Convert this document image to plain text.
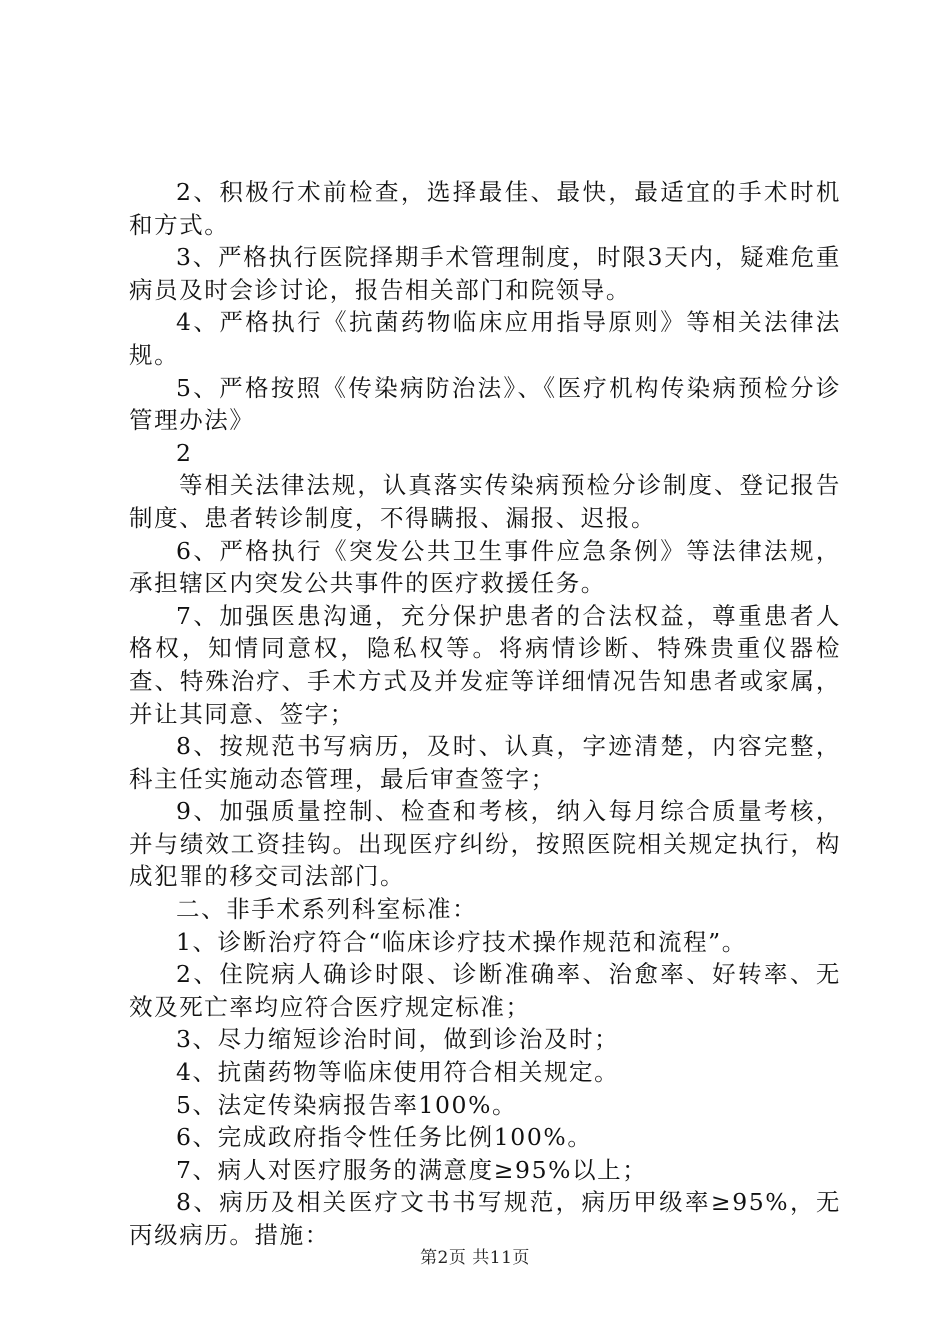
2、积极行术前检查，选择最佳、最快，最适宜的手术时机和方式。

3、严格执行医院择期手术管理制度，时限3天内，疑难危重病员及时会诊讨论，报告相关部门和院领导。

4、严格执行《抗菌药物临床应用指导原则》等相关法律法规。

5、严格按照《传染病防治法》、《医疗机构传染病预检分诊管理办法》

2

等相关法律法规，认真落实传染病预检分诊制度、登记报告制度、患者转诊制度，不得瞒报、漏报、迟报。

6、严格执行《突发公共卫生事件应急条例》等法律法规，承担辖区内突发公共事件的医疗救援任务。

7、加强医患沟通，充分保护患者的合法权益，尊重患者人格权，知情同意权，隐私权等。将病情诊断、特殊贵重仪器检查、特殊治疗、手术方式及并发症等详细情况告知患者或家属，并让其同意、签字；

8、按规范书写病历，及时、认真，字迹清楚，内容完整，科主任实施动态管理，最后审查签字；

9、加强质量控制、检查和考核，纳入每月综合质量考核，并与绩效工资挂钩。出现医疗纠纷，按照医院相关规定执行，构成犯罪的移交司法部门。

二、非手术系列科室标准：

1、诊断治疗符合“临床诊疗技术操作规范和流程”。

2、住院病人确诊时限、诊断准确率、治愈率、好转率、无效及死亡率均应符合医疗规定标准；

3、尽力缩短诊治时间，做到诊治及时；

4、抗菌药物等临床使用符合相关规定。

5、法定传染病报告率100%。

6、完成政府指令性任务比例100%。

7、病人对医疗服务的满意度≥95%以上；

8、病历及相关医疗文书书写规范，病历甲级率≥95%，无丙级病历。措施：

第2页 共11页
